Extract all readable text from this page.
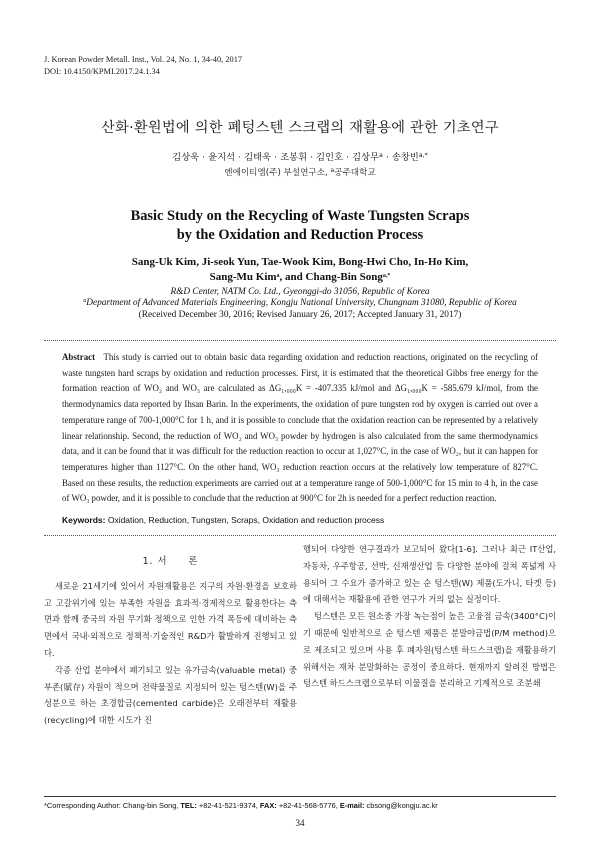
J. Korean Powder Metall. Inst., Vol. 24, No. 1, 34-40, 2017
DOI: 10.4150/KPMI.2017.24.1.34
산화·환원법에 의한 폐텅스텐 스크랩의 재활용에 관한 기초연구
김상욱 · 윤지석 · 김태욱 · 조봉휘 · 김인호 · 김상무$^a$ · 송창빈$^{a,*}$
엔에이티엠(주) 부설연구소, $^a$공주대학교
Basic Study on the Recycling of Waste Tungsten Scraps
by the Oxidation and Reduction Process
Sang-Uk Kim, Ji-seok Yun, Tae-Wook Kim, Bong-Hwi Cho, In-Ho Kim,
Sang-Mu Kim$^a$, and Chang-Bin Song$^{a,*}$
R&D Center, NATM Co. Ltd., Gyeonggi-do 31056, Republic of Korea
$^a$Department of Advanced Materials Engineering, Kongju National University, Chungnam 31080, Republic of Korea
(Received December 30, 2016; Revised January 26, 2017; Accepted January 31, 2017)
Abstract This study is carried out to obtain basic data regarding oxidation and reduction reactions, originated on the recycling of waste tungsten hard scraps by oxidation and reduction processes. First, it is estimated that the theoretical Gibbs free energy for the formation reaction of WO₂ and WO₃ are calculated as ΔG₁,₀₀₀K = -407.335 kJ/mol and ΔG₁,₀₀₀K = -585.679 kJ/mol, from the thermodynamics data reported by Ihsan Barin. In the experiments, the oxidation of pure tungsten rod by oxygen is carried out over a temperature range of 700-1,000°C for 1 h, and it is possible to conclude that the oxidation reaction can be represented by a relatively linear relationship. Second, the reduction of WO₂ and WO₃ powder by hydrogen is also calculated from the same thermodynamics data, and it can be found that it was difficult for the reduction reaction to occur at 1,027°C, in the case of WO₂, but it can happen for temperatures higher than 1127°C. On the other hand, WO₃ reduction reaction occurs at the relatively low temperature of 827°C. Based on these results, the reduction experiments are carried out at a temperature range of 500-1,000°C for 15 min to 4 h, in the case of WO₃ powder, and it is possible to conclude that the reduction at 900°C for 2h is needed for a perfect reduction reaction.
Keywords: Oxidation, Reduction, Tungsten, Scraps, Oxidation and reduction process
1. 서　　론

새로운 21세기에 있어서 자원재활용은 지구의 자원·환경을 보호하고 고갈위기에 있는 부족한 자원을 효과적·경제적으로 활용한다는 측면과 함께 중국의 자원 무기화 정책으로 인한 가격 폭등에 대비하는 측면에서 국내·외적으로 정책적·기술적인 R&D가 활발하게 진행되고 있다.

각종 산업 분야에서 폐기되고 있는 유가금속(valuable metal) 중 부존(賦存) 자원이 적으며 전략물질로 지정되어 있는 텅스텐(W)을 주성분으로 하는 초경합금(cemented carbide)은 오래전부터 재활용(recycling)에 대한 시도가 진

행되어 다양한 연구결과가 보고되어 왔다[1-6]. 그러나 최근 IT산업, 자동차, 우주항공, 선박, 신재생산업 등 다양한 분야에 걸쳐 폭넓게 사용되어 그 수요가 증가하고 있는 순 텅스텐(W) 제품(도가니, 타겟 등)에 대해서는 재활용에 관한 연구가 거의 없는 실정이다.

텅스텐은 모든 원소중 가장 녹는점이 높은 고융점 금속(3400°C)이기 때문에 일반적으로 순 텅스텐 제품은 분말야금법(P/M method)으로 제조되고 있으며 사용 후 폐자원(텅스텐 하드스크랩)을 재활용하기 위해서는 재차 분말화하는 공정이 중요하다. 현재까지 알려진 방법은 텅스텐 하드스크랩으로부터 이물질을 분리하고 기계적으로 조분쇄

*Corresponding Author: Chang-bin Song, TEL: +82-41-521-9374, FAX: +82-41-568-5776, E-mail: cbsong@kongju.ac.kr
34
